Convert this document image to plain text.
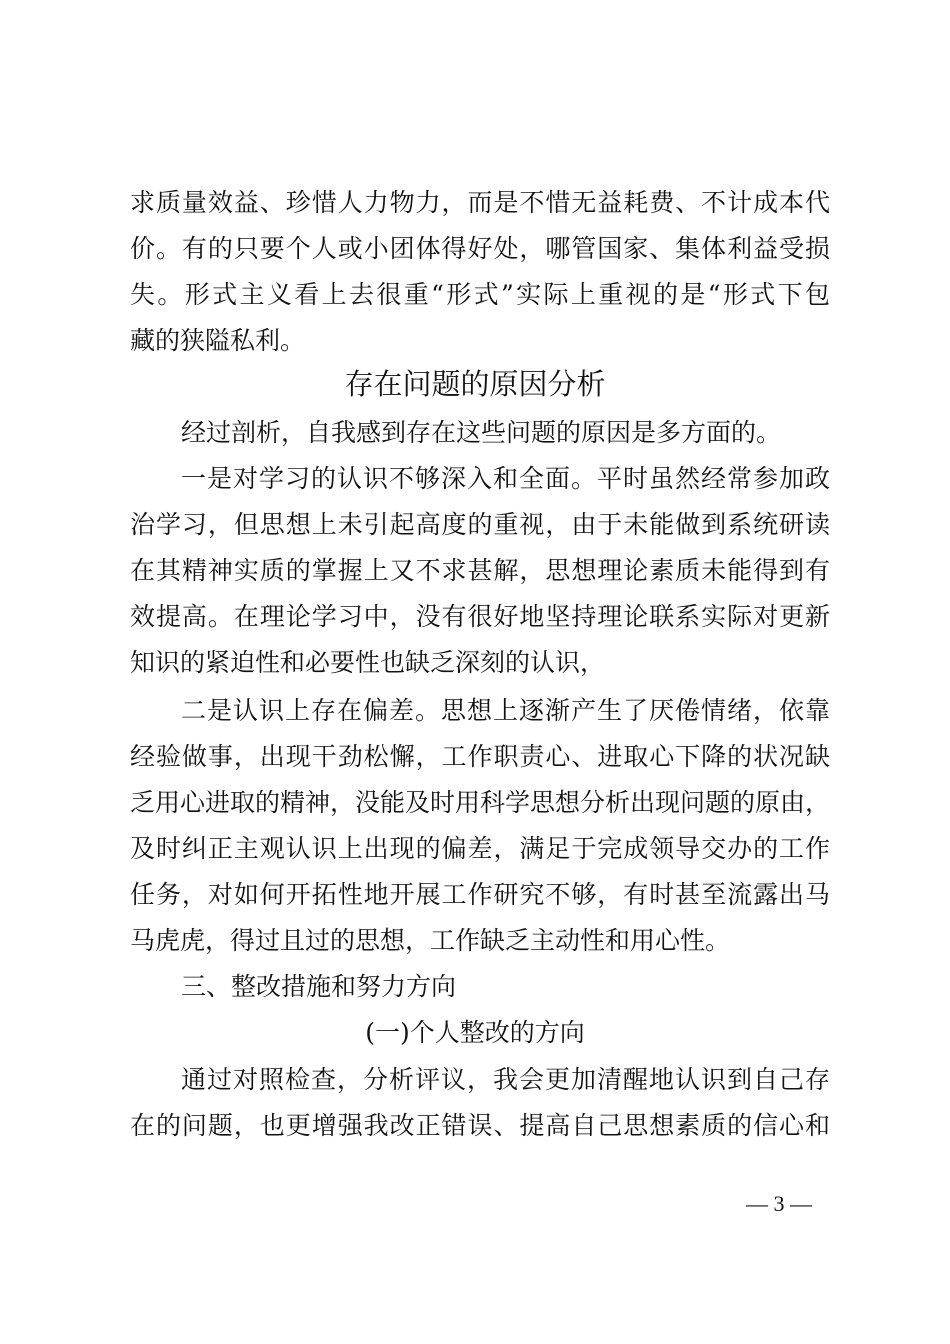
求质量效益、珍惜人力物力，而是不惜无益耗费、不计成本代
价。有的只要个人或小团体得好处，哪管国家、集体利益受损
失。形式主义看上去很重“形式”实际上重视的是“形式下包
藏的狭隘私利。
存在问题的原因分析
经过剖析，自我感到存在这些问题的原因是多方面的。
一是对学习的认识不够深入和全面。平时虽然经常参加政
治学习，但思想上未引起高度的重视，由于未能做到系统研读
在其精神实质的掌握上又不求甚解，思想理论素质未能得到有
效提高。在理论学习中，没有很好地坚持理论联系实际对更新
知识的紧迫性和必要性也缺乏深刻的认识，
二是认识上存在偏差。思想上逐渐产生了厌倦情绪，依靠
经验做事，出现干劲松懈，工作职责心、进取心下降的状况缺
乏用心进取的精神，没能及时用科学思想分析出现问题的原由，
及时纠正主观认识上出现的偏差，满足于完成领导交办的工作
任务，对如何开拓性地开展工作研究不够，有时甚至流露出马
马虎虎，得过且过的思想，工作缺乏主动性和用心性。
三、整改措施和努力方向
(一)个人整改的方向
通过对照检查，分析评议，我会更加清醒地认识到自己存
在的问题，也更增强我改正错误、提高自己思想素质的信心和
— 3 —
